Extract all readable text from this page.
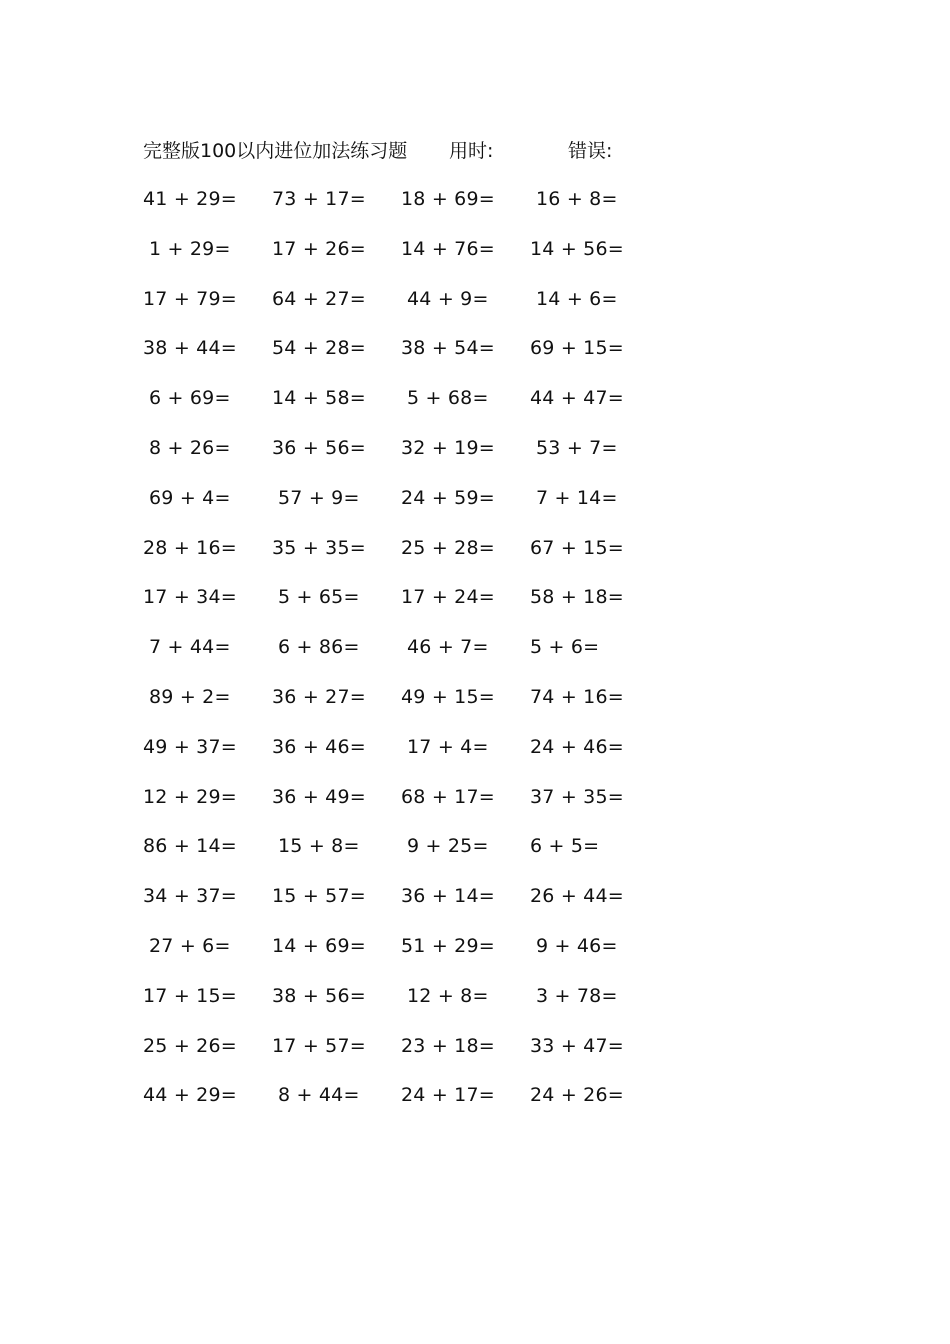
完整版100以内进位加法练习题 用时:	错误:
41 + 29= 73 + 17= 18 + 69= 16 + 8=
1 + 29= 17 + 26= 14 + 76= 14 + 56=
17 + 79= 64 + 27= 44 + 9= 14 + 6=
38 + 44= 54 + 28= 38 + 54= 69 + 15=
6 + 69= 14 + 58= 5 + 68= 44 + 47=
8 + 26= 36 + 56= 32 + 19= 53 + 7=
69 + 4= 57 + 9= 24 + 59= 7 + 14=
28 + 16= 35 + 35= 25 + 28= 67 + 15=
17 + 34= 5 + 65= 17 + 24= 58 + 18=
7 + 44= 6 + 86= 46 + 7= 5 + 6=
89 + 2= 36 + 27= 49 + 15= 74 + 16=
49 + 37= 36 + 46= 17 + 4= 24 + 46=
12 + 29= 36 + 49= 68 + 17= 37 + 35=
86 + 14= 15 + 8= 9 + 25= 6 + 5=
34 + 37= 15 + 57= 36 + 14= 26 + 44=
27 + 6= 14 + 69= 51 + 29= 9 + 46=
17 + 15= 38 + 56= 12 + 8= 3 + 78=
25 + 26= 17 + 57= 23 + 18= 33 + 47=
44 + 29= 8 + 44= 24 + 17= 24 + 26=
